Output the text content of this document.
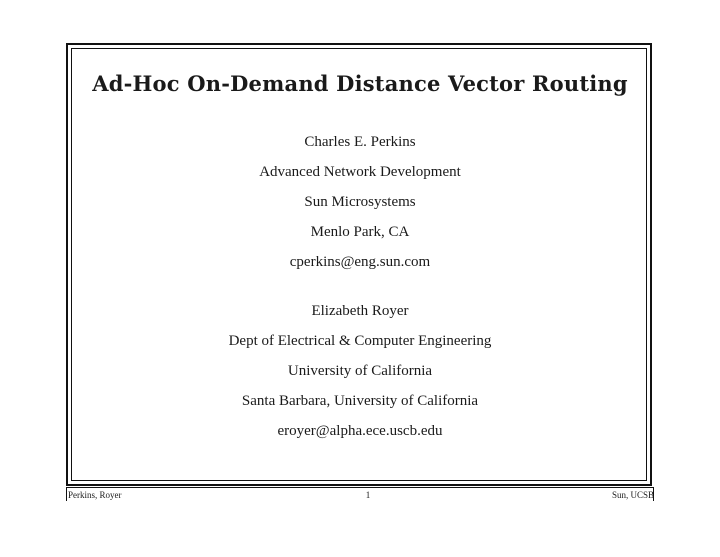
Ad-Hoc On-Demand Distance Vector Routing
Charles E. Perkins
Advanced Network Development
Sun Microsystems
Menlo Park, CA
cperkins@eng.sun.com
Elizabeth Royer
Dept of Electrical & Computer Engineering
University of California
Santa Barbara, University of California
eroyer@alpha.ece.uscb.edu
Perkins, Royer	1	Sun, UCSB
